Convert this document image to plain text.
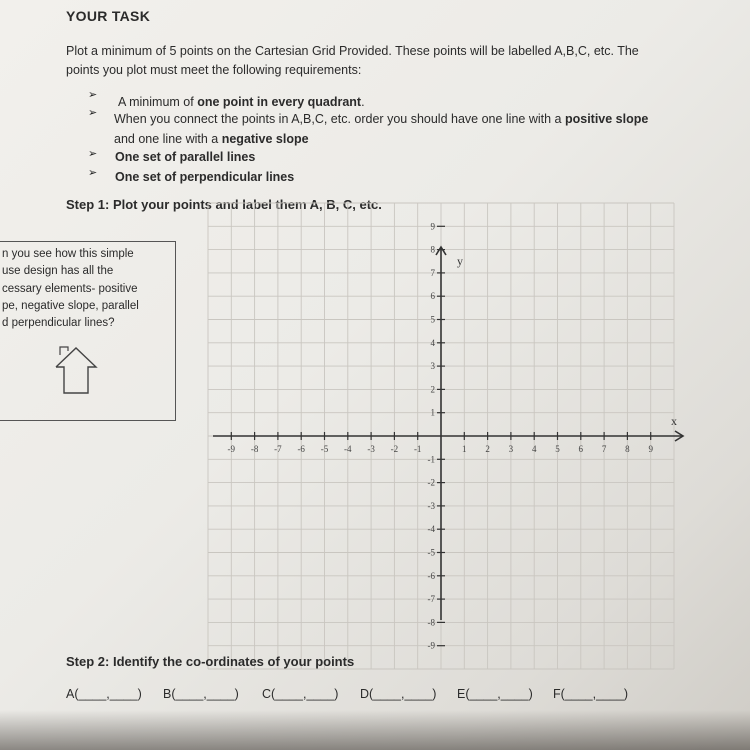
YOUR TASK
Plot a minimum of 5 points on the Cartesian Grid Provided. These points will be labelled A,B,C, etc. The
points you plot must meet the following requirements:
➢ A minimum of one point in every quadrant.
➢ When you connect the points in A,B,C, etc. order you should have one line with a positive slope
and one line with a negative slope
➢ One set of parallel lines
➢ One set of perpendicular lines
Step 1: Plot your points and label them A, B, C, etc.
n you see how this simple
use design has all the
cessary elements- positive
pe, negative slope, parallel
d perpendicular lines?
-9 -8 -7 -6 -5 -4 -3 -2 -1	1 2 3 4 5 6 7 8 9
9
8
7
6
5
4
3
2
1
-1
-2
-3
-4
-5
-6
-7
-8
-9
x
y
Step 2: Identify the co-ordinates of your points
A(____,____) B(____,____) C(____,____) D(____,____) E(____,____) F(____,____)
